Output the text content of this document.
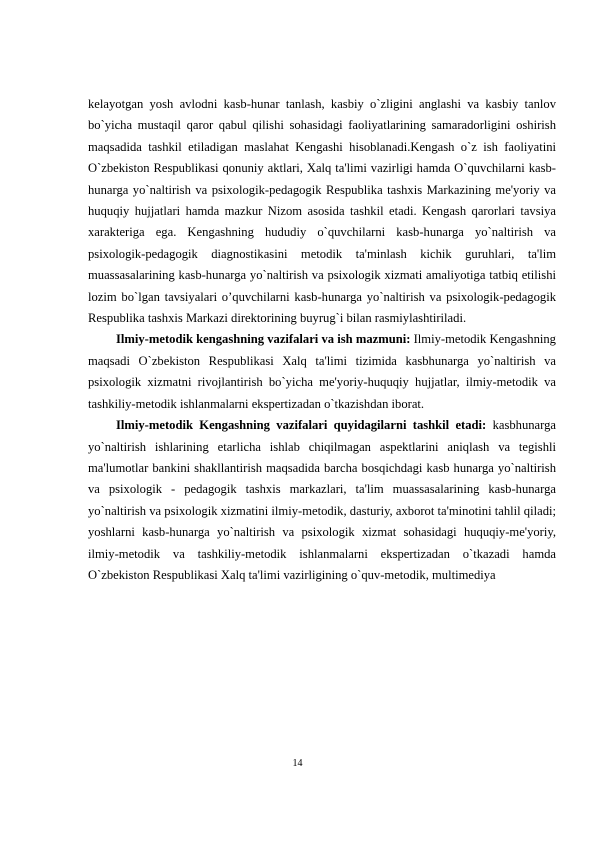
kelayotgan yosh avlodni kasb-hunar tanlash, kasbiy o`zligini anglashi va kasbiy tanlov bo`yicha mustaqil qaror qabul qilishi sohasidagi faoliyatlarining samaradorligini oshirish maqsadida tashkil etiladigan maslahat Kengashi hisoblanadi.Kengash o`z ish faoliyatini O`zbekiston Respublikasi qonuniy aktlari, Xalq ta'limi vazirligi hamda O`quvchilarni kasb-hunarga yo`naltirish va psixologik-pedagogik Respublika tashxis Markazining me'yoriy va huquqiy hujjatlari hamda mazkur Nizom asosida tashkil etadi. Kengash qarorlari tavsiya xarakteriga ega. Kengashning hududiy o`quvchilarni kasb-hunarga yo`naltirish va psixologik-pedagogik diagnostikasini metodik ta'minlash kichik guruhlari, ta'lim muassasalarining kasb-hunarga yo`naltirish va psixologik xizmati amaliyotiga tatbiq etilishi lozim bo`lgan tavsiyalari o’quvchilarni kasb-hunarga yo`naltirish va psixologik-pedagogik Respublika tashxis Markazi direktorining buyrug`i bilan rasmiylashtiriladi.

Ilmiy-metodik kengashning vazifalari va ish mazmuni: Ilmiy-metodik Kengashning maqsadi O`zbekiston Respublikasi Xalq ta'limi tizimida kasbhunarga yo`naltirish va psixologik xizmatni rivojlantirish bo`yicha me'yoriy-huquqiy hujjatlar, ilmiy-metodik va tashkiliy-metodik ishlanmalarni ekspertizadan o`tkazishdan iborat.

Ilmiy-metodik Kengashning vazifalari quyidagilarni tashkil etadi: kasbhunarga yo`naltirish ishlarining etarlicha ishlab chiqilmagan aspektlarini aniqlash va tegishli ma'lumotlar bankini shakllantirish maqsadida barcha bosqichdagi kasb hunarga yo`naltirish va psixologik - pedagogik tashxis markazlari, ta'lim muassasalarining kasb-hunarga yo`naltirish va psixologik xizmatini ilmiy-metodik, dasturiy, axborot ta'minotini tahlil qiladi; yoshlarni kasb-hunarga yo`naltirish va psixologik xizmat sohasidagi huquqiy-me'yoriy, ilmiy-metodik va tashkiliy-metodik ishlanmalarni ekspertizadan o`tkazadi hamda O`zbekiston Respublikasi Xalq ta'limi vazirligining o`quv-metodik, multimediya

14
